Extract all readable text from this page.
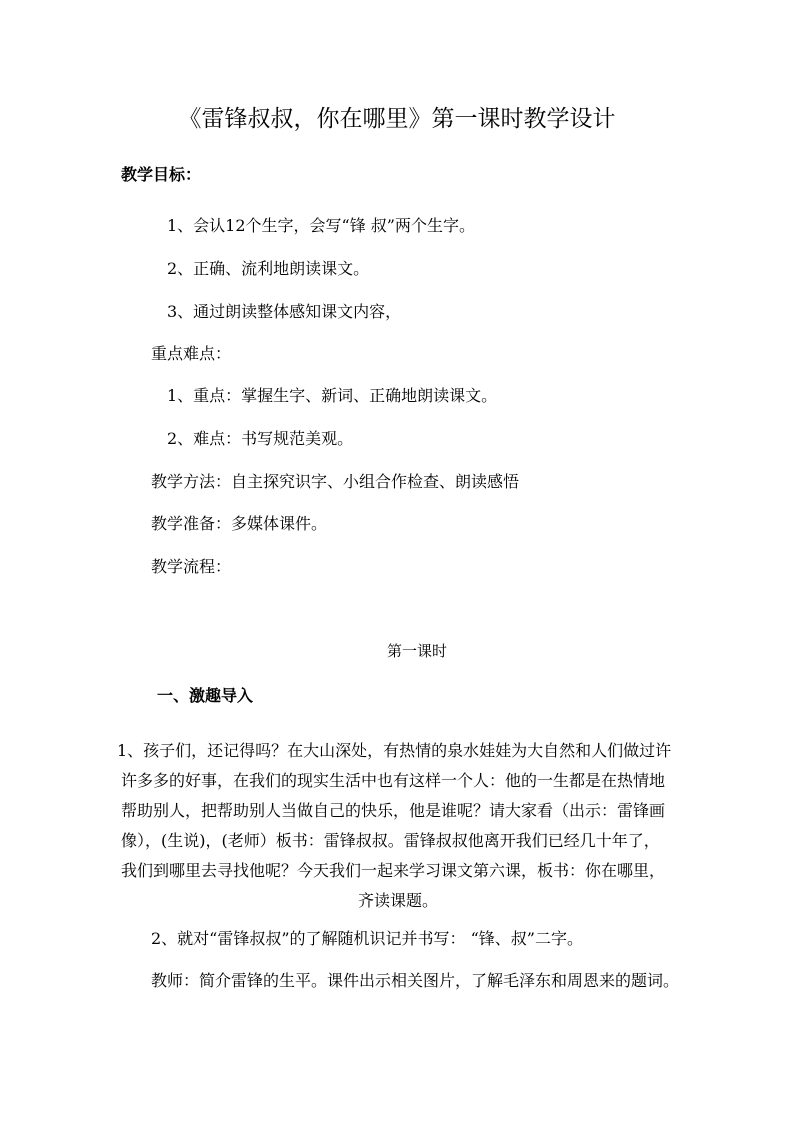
《雷锋叔叔，你在哪里》第一课时教学设计
教学目标：
1、会认12个生字，会写“锋 叔”两个生字。
2、正确、流利地朗读课文。
3、通过朗读整体感知课文内容，
重点难点：
1、重点：掌握生字、新词、正确地朗读课文。
2、难点：书写规范美观。
教学方法：自主探究识字、小组合作检查、朗读感悟
教学准备：多媒体课件。
教学流程：
第一课时
一、激趣导入
1、孩子们，还记得吗？在大山深处，有热情的泉水娃娃为大自然和人们做过许
许多多的好事，在我们的现实生活中也有这样一个人：他的一生都是在热情地
帮助别人，把帮助别人当做自己的快乐，他是谁呢？请大家看（出示：雷锋画
像），(生说)，(老师）板书：雷锋叔叔。雷锋叔叔他离开我们已经几十年了，
我们到哪里去寻找他呢？今天我们一起来学习课文第六课，板书：你在哪里，
齐读课题。
2、就对“雷锋叔叔”的了解随机识记并书写： “锋、叔”二字。
教师：简介雷锋的生平。课件出示相关图片，了解毛泽东和周恩来的题词。
